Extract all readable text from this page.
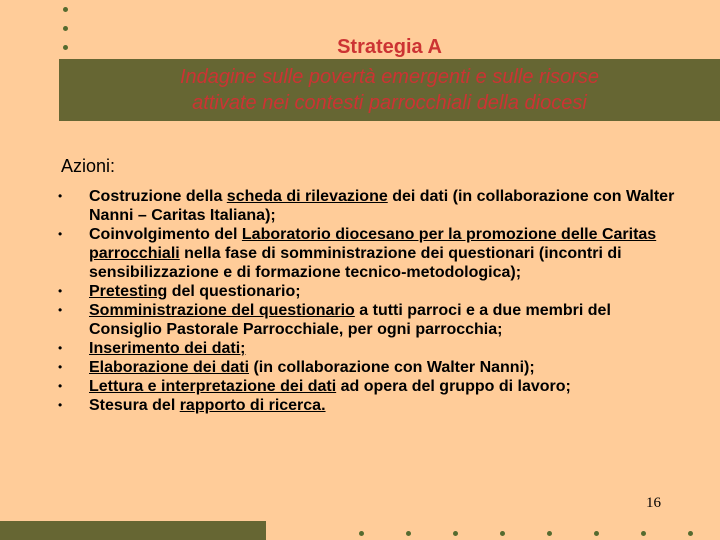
Strategia A
Indagine sulle povertà emergenti e sulle risorse
attivate nei contesti parrocchiali della diocesi

Azioni:

• Costruzione della scheda di rilevazione dei dati (in collaborazione con Walter Nanni – Caritas Italiana);
• Coinvolgimento del Laboratorio diocesano per la promozione delle Caritas parrocchiali nella fase di somministrazione dei questionari (incontri di sensibilizzazione e di formazione tecnico-metodologica);
• Pretesting del questionario;
• Somministrazione del questionario a tutti parroci e a due membri del Consiglio Pastorale Parrocchiale, per ogni parrocchia;
• Inserimento dei dati;
• Elaborazione dei dati (in collaborazione con Walter Nanni);
• Lettura e interpretazione dei dati ad opera del gruppo di lavoro;
• Stesura del rapporto di ricerca.
16
